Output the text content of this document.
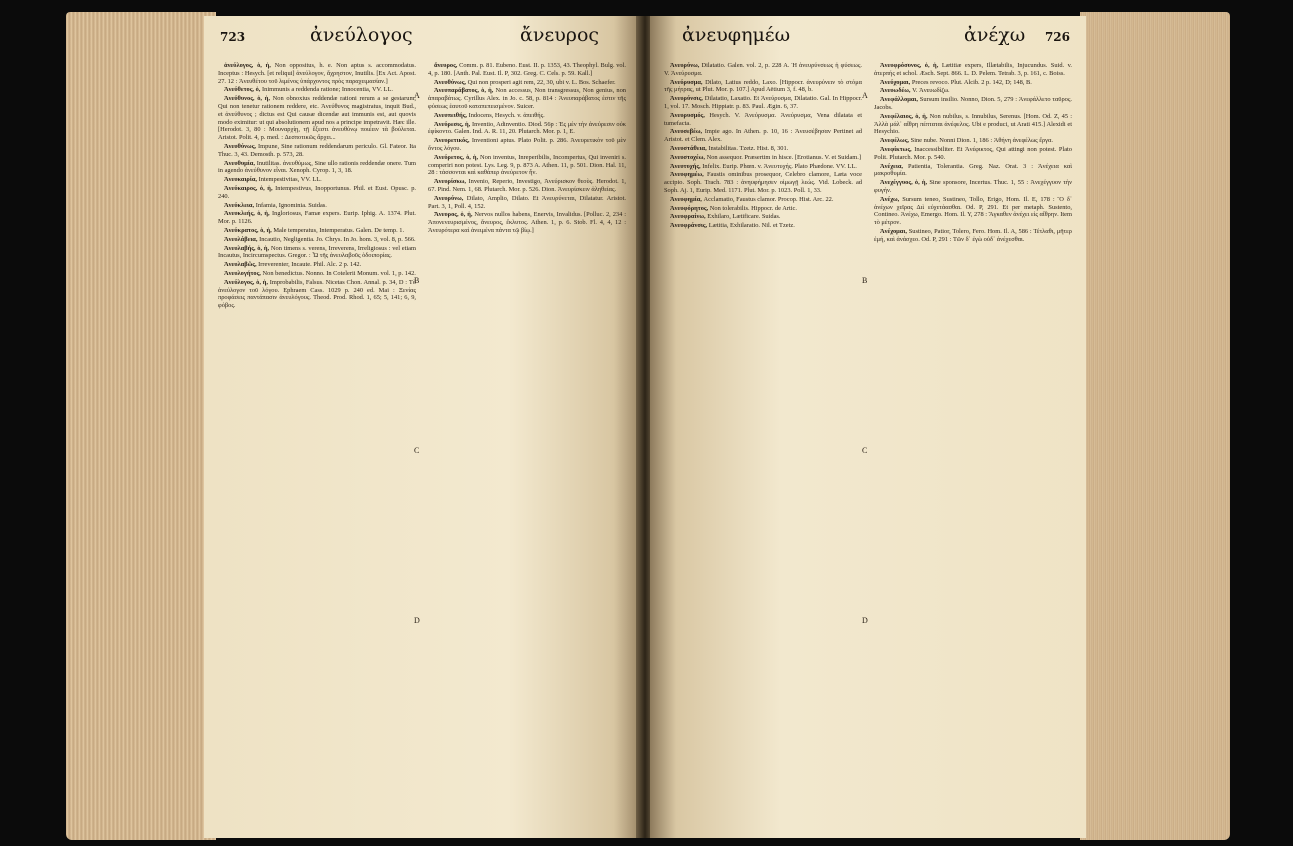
723	ἀνεύλογος	ἄνευρος

ἀνεύλογος, ὁ, ἡ, Non oppositus, h. e. Non aptus s. accommodatus. Inceptus : Hesych. [et reliqui] ἀνεύλογον, ἄχρηστον, Inutilis. [Ex Act. Apost. 27. 12 : Ἀνευθέτου τοῦ λιμένος ὑπάρχοντος πρὸς παραχειμασίαν.]

Ἀνεύθετος, ὁ, Inimmunis a reddenda ratione; Innocentia, VV. LL.

Ἀνεύθυνος, ὁ, ἡ, Non obnoxius reddendæ rationi rerum a se gestarum, Qui non tenetur rationem reddere, etc. Ἀνεύθυνος magistratus, inquit Bud., et ἀνεύθυνος ; dictus est Qui causæ dicendæ aut immunis est, aut quovis modo eximitur: ut qui absolutionem apud nos a principe impetravit. Hæc ille. [Herodot. 3, 80 : Μουναρχίῃ, τῇ ἔξεστι ἀνευθύνῳ ποιέειν τὰ βούλεται. Aristot. Polit. 4, p. med. : Δεσποτικῶς ἄρχει...

Ἀνευθύνως, Impune, Sine rationum reddendarum periculo. Gl. Fateor. Ita Thuc. 3, 43. Demosth. p. 573, 28.

Ἀνευθυμία, Inutilitas. ἀνευθύμως, Sine ullo rationis reddendæ onere. Tum in agendo ἀνεύθυνον εἶναι. Xenoph. Cyrop. 1, 3, 18.

Ἀνευκαιρία, Intempestivitas, VV. LL.

Ἀνεύκαιρος, ὁ, ἡ, Intempestivus, Inopportunus. Phil. et Eust. Opusc. p. 240.

Ἀνεύκλεια, Infamia, Ignominia. Suidas.

Ἀνευκλεής, ὁ, ἡ, Ingloriosus, Famæ expers. Eurip. Iphig. A. 1374. Plut. Mor. p. 1126.

Ἀνεύκρατος, ὁ, ἡ, Male temperatus, Intemperatus. Galen. De temp. 1.

Ἀνευλάβεια, Incautio, Negligentia. Jo. Chrys. In Jo. hom. 3, vol. 8, p. 566.

Ἀνευλαβής, ὁ, ἡ, Non timens s. verens, Irreverens, Irreligiosus : vel etiam Incautus, Incircumspectus. Gregor. : Ὦ τῆς ἀνευλαβοῦς ὁδοιπορίας.

Ἀνευλαβῶς, Irreverenter, Incaute. Phil. Alc. 2 p. 142.

Ἀνευλογήτος, Non benedictus. Nonno. In Cotelerii Monum. vol. 1, p. 142.

Ἀνεύλογος, ὁ, ἡ, Improbabilis, Falsus. Nicetas Chon. Annal. p. 34, D : Τὸ ἀνεύλογον τοῦ λόγου. Ephraem Cass. 1029 p. 240 ed. Mai : Ξενίας προφάσεις παντάπασιν ἀνευλόγους. Theod. Prod. Rhod. 1, 65; 5, 141; 6, 9, φόβος.

ἄνευρος, Comm. p. 81. Eubeno. Eust. II. p. 1353, 43. Theophyl. Bulg. vol. 4, p. 180. [Anth. Pal. Eust. Il. P, 302. Greg. C. Cels. p. 59. Kall.]

Ἀνευθύνως, Qui non prosperi agit rem, 22, 30, ubi v. L. Bos. Schaefer.

Ἀνευπαράβατος, ὁ, ἡ, Non accessus, Non transgressus, Non genius, non ἀπαραβάτως. Cyrillus Alex. in Jo. c. 58, p. 814 : Ἀνευπαράβατος ἐστιν τῆς φύσεως ἑαυτοῦ καταπεπεισμένον. Suicer.

Ἀνευπειθής, Indocens, Hesych. v. ἀπειθής.

Ἀνεύρεσις, ἡ, Inventio, Adinventio. Diod. 56p : Ἐς μὲν τὴν ἀνεύρεσιν οὐκ ἐφίκοντο. Galen. Ind. A. R. 11, 20. Plutarch. Mor. p. 1, E.

Ἀνευρετικός, Inventioni aptus. Plato Polit. p. 286. Ἀνευρετικὸν τοῦ μὲν ὄντος λόγου.

Ἀνεύρετος, ὁ, ἡ, Non inventus, Inreperibilis, Incompertus, Qui inveniri s. comperiri non potest. Lys. Leg. 9, p. 873 A. Athen. 11, p. 501. Dion. Hal. 11, 28 : τάσσονται καὶ καθάπερ ἀνεύρετον ἦν.

Ἀνευρίσκω, Invenio, Reperio, Investigo, Ἀνεύρισκον θεοὺς. Herodot. 1, 67. Pind. Nem. 1, 68. Plutarch. Mor. p. 526. Dion. Ἀνευρίσκειν ἀληθείας.

Ἀνευρύνω, Dilato, Amplio, Dilato. Et Ἀνευρύνεται, Dilatatur. Aristot. Part. 3, 1, Poll. 4, 152.

Ἄνευρος, ὁ, ἡ, Nervos nullos habens, Enervis, Invalidus. [Polluc. 2, 234 : Ἀπονενευρισμένος, ἄνευρος, ἔκλυτος. Athen. 1, p. 6. Stob. Fl. 4, 4, 12 : Ἀνευρότερα καὶ ἀνειμένα πάντα τῷ βίῳ.]

A
B
C
D
ἀνευφημέω	ἀνέχω 726

Ἀνευρύνω, Dilatatio. Galen. vol. 2, p. 228 A. Ἡ ἀνευρύνσεως ἡ φύσεως. V. Ἀνεύρυσμα.

Ἀνεύρυσμα, Dilato, Latius reddo, Laxo. [Hippocr. ἀνευρύνειν τὸ στόμα τῆς μήτρας, ut Plut. Mor. p. 107.] Apud Aëtium 3, f. 48, b.

Ἀνευρύνσις, Dilatatio, Laxatio. Et Ἀνεύρυσμα, Dilatatio. Gal. In Hippocr. 1, vol. 17. Mosch. Hippiatr. p. 83. Paul. Ægin. 6, 37.

Ἀνευρυσμός, Hesych. V. Ἀνεύρυσμα. Ἀνεύρυσμα, Vena dilatata et tumefacta.

Ἀνευσεβέω, Impie ago. In Athen. p. 10, 16 : Ἀνευσέβησαν Pertinet ad Aristot. et Clem. Alex.

Ἀνευστάθεια, Instabilitas. Tzetz. Hist. 8, 301.

Ἀνευστοχέω, Non assequor. Præsertim in hisce. [Erotianus. V. et Suidam.]

Ἀνευτυχής, Infelix. Eurip. Phœn. v. Ἀνευτυχής. Plato Phædone. VV. LL.

Ἀνευφημέω, Faustis ominibus prosequor, Celebro clamore, Læta voce accipio. Soph. Trach. 783 : ἀνηυφήμησεν οἰμωγῇ λεώς. Vid. Lobeck. ad Soph. Aj. 1, Eurip. Med. 1171. Plut. Mor. p. 1023. Poll. 1, 33.

Ἀνευφημία, Acclamatio, Faustus clamor. Procop. Hist. Arc. 22.

Ἀνευφόρητος, Non tolerabilis. Hippocr. de Artic.

Ἀνευφραίνω, Exhilaro, Lætificare. Suidas.

Ἀνευφράνσις, Lætitia, Exhilaratio. Nil. et Tzetz.

Ἀνευφρόσυνος, ὁ, ἡ, Lætitiæ expers, Illætabilis, Injucundus. Suid. v. ἀτερπής et schol. Æsch. Sept. 866. L. D. Pelem. Tetrab. 3, p. 161, c. Boiss.

Ἀνεύχομαι, Preces revoco. Plut. Alcib. 2 p. 142, D; 148, B.

Ἀνευωδέω, V. Ἀνευωδίζω.

Ἀνεφάλλομαι, Sursum insilio. Nonno, Dion. 5, 279 : Ἀνεφάλλετο ταῦρος. Jacobs.

Ἀνεφέλαιος, ὁ, ἡ, Non nubilus, s. Innubilus, Serenus. [Hom. Od. Z, 45 : Ἀλλὰ μάλ᾽ αἴθρη πέπταται ἀνέφελος. Ubi e produci, ut Arati 415.] Alexidi et Hesychio.

Ἀνεφέλως, Sine nube. Nonni Dion. 1, 186 : Ἀθήνη ἀνεφέλως ἔργα.

Ἀνεφίκτως, Inaccessibiliter. Et Ἀνέφικτος, Qui attingi non potest. Plato Polit. Plutarch. Mor. p. 540.

Ἀνέχεια, Patientia, Tolerantia. Greg. Naz. Orat. 3 : Ἀνέχεια καὶ μακροθυμία.

Ἀνεχέγγυος, ὁ, ἡ, Sine sponsore, Incertus. Thuc. 1, 55 : Ἀνεχέγγυον τὴν φυγήν.

Ἀνέχω, Sursum teneo, Sustineo, Tollo, Erigo, Hom. Il. E, 178 : Ὃ δ᾽ ἀνέχων χεῖρας Διὶ εὐχετάασθαι. Od. P, 291. Et per metaph. Sustento, Contineo. Ἀνέχω, Emergo. Hom. Il. Y, 278 : Ἄγκαθεν ἀνέχει εἰς αἴθρην. Item τὸ μέτρον.

Ἀνέχομαι, Sustineo, Patior, Tolero, Fero. Hom. Il. A, 586 : Τέτλαθι, μῆτερ ἐμή, καὶ ἀνάσχεο. Od. P, 291 : Τῶν δ᾽ ἐγὼ οὐδ᾽ ἀνέχεσθαι.

A
B
C
D
